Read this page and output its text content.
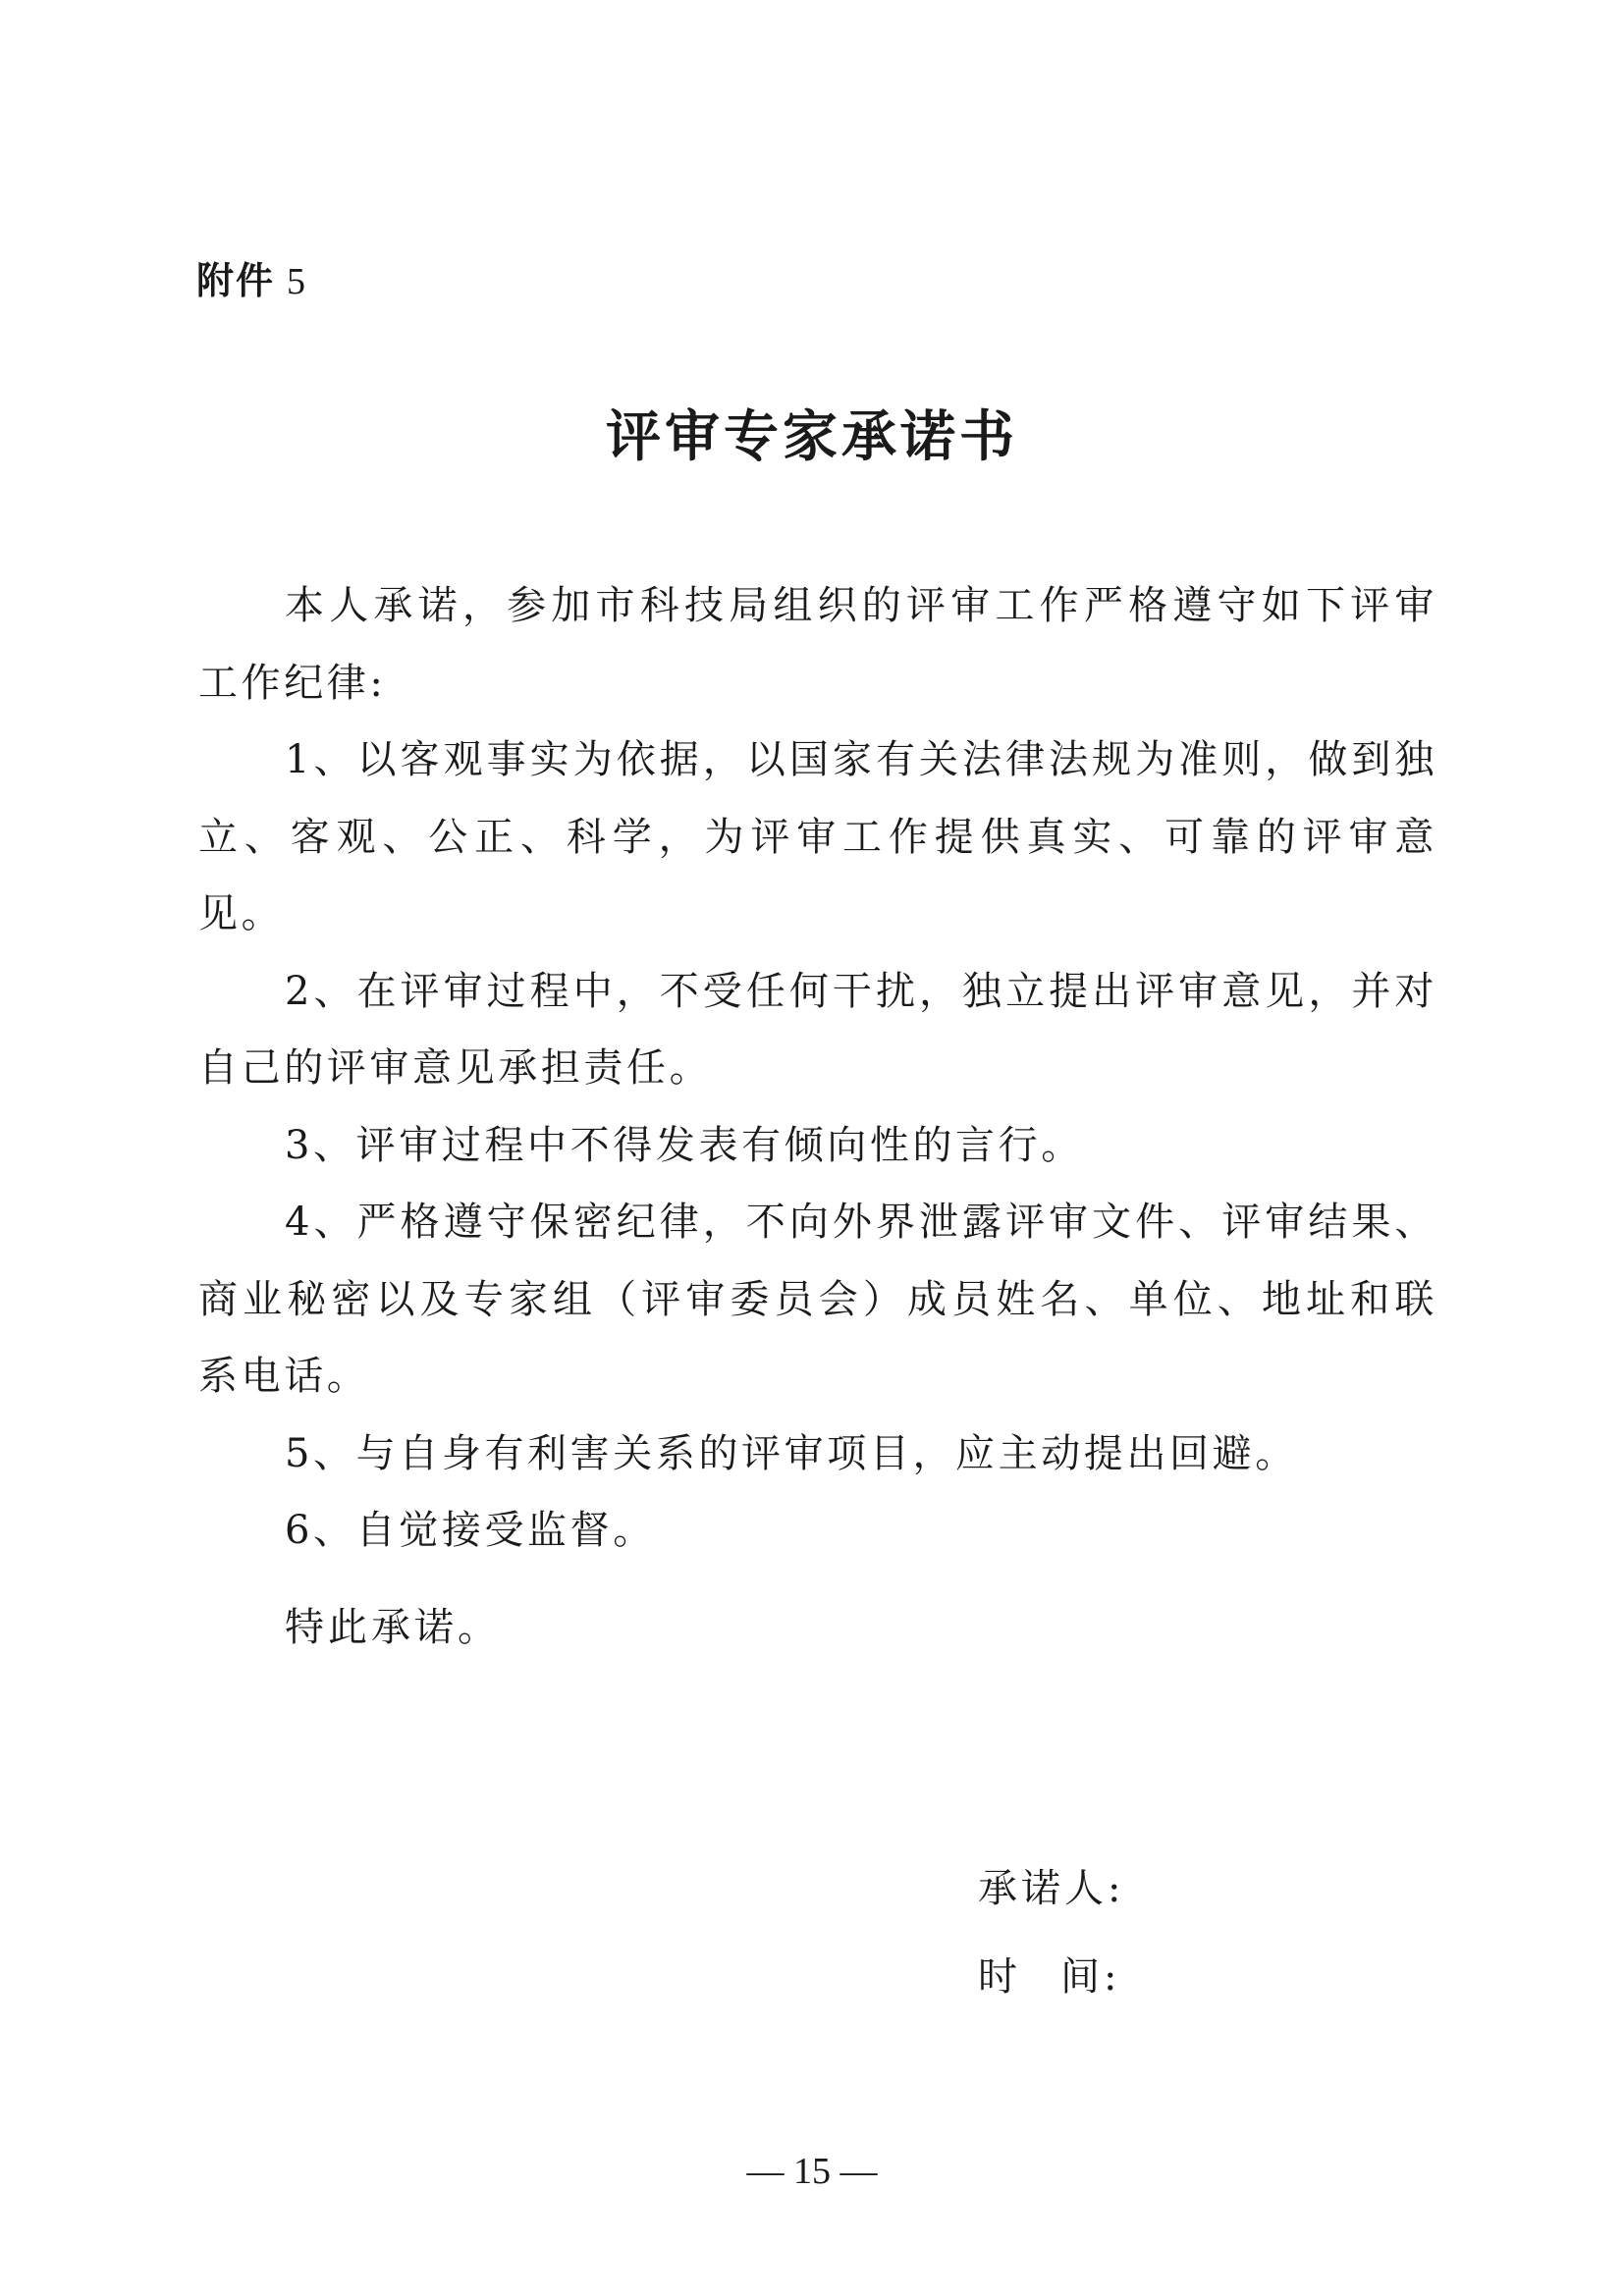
附件 5
评审专家承诺书

本人承诺，参加市科技局组织的评审工作严格遵守如下评审工作纪律:

1、以客观事实为依据，以国家有关法律法规为准则，做到独立、客观、公正、科学，为评审工作提供真实、可靠的评审意见。

2、在评审过程中，不受任何干扰，独立提出评审意见，并对自己的评审意见承担责任。

3、评审过程中不得发表有倾向性的言行。

4、严格遵守保密纪律，不向外界泄露评审文件、评审结果、商业秘密以及专家组（评审委员会）成员姓名、单位、地址和联系电话。

5、与自身有利害关系的评审项目，应主动提出回避。

6、自觉接受监督。

特此承诺。
承诺人:
时 间:
— 15 —
